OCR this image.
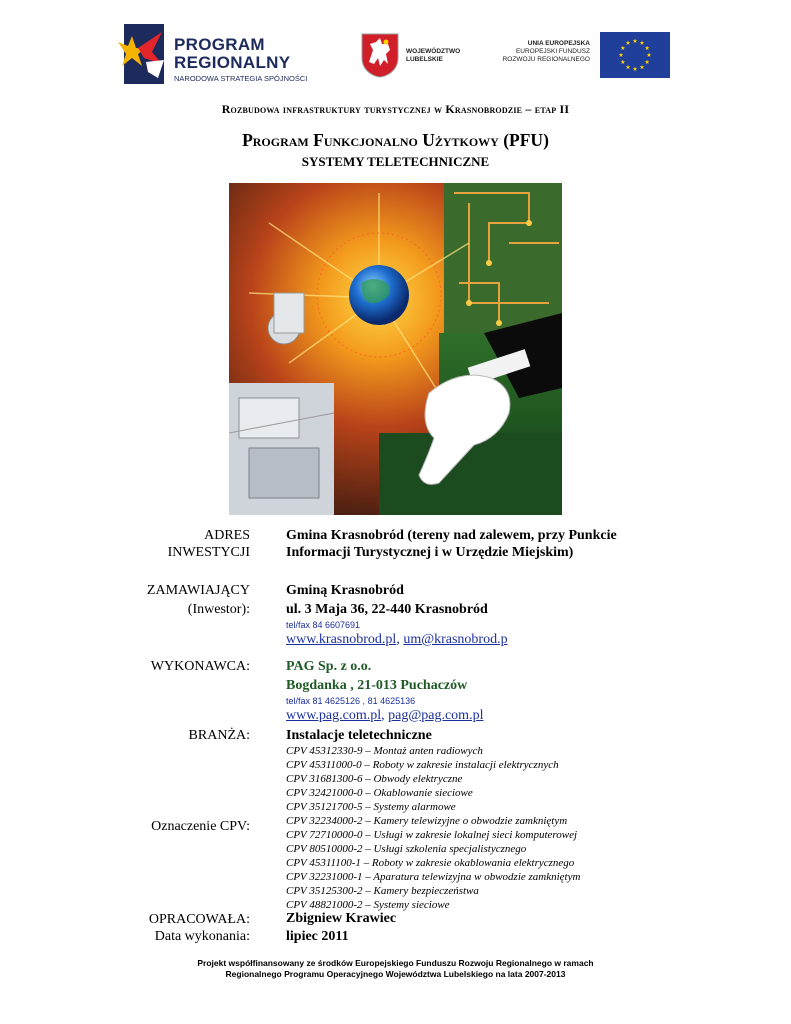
PROGRAM
REGIONALNY
NARODOWA STRATEGIA SPÓJNOŚCI
WOJEWÓDZTWO
LUBELSKIE
UNIA EUROPEJSKA
EUROPEJSKI FUNDUSZ
ROZWOJU REGIONALNEGO
Rozbudowa infrastruktury turystycznej w Krasnobrodzie – etap II
Program Funkcjonalno Użytkowy (PFU)
SYSTEMY TELETECHNICZNE
ADRES
INWESTYCJI
Gmina Krasnobród (tereny nad zalewem, przy Punkcie
Informacji Turystycznej i w Urzędzie Miejskim)
ZAMAWIAJĄCY
(Inwestor):
Gminą Krasnobród
ul. 3 Maja 36, 22-440 Krasnobród
tel/fax 84 6607691
www.krasnobrod.pl, um@krasnobrod.p
WYKONAWCA:	PAG Sp. z o.o.
Bogdanka , 21-013 Puchaczów
tel/fax 81 4625126 , 81 4625136
www.pag.com.pl, pag@pag.com.pl
BRANŻA:	Instalacje teletechniczne
Oznaczenie CPV:
CPV 45312330-9 – Montaż anten radiowych
CPV 45311000-0 – Roboty w zakresie instalacji elektrycznych
CPV 31681300-6 – Obwody elektryczne
CPV 32421000-0 – Okablowanie sieciowe
CPV 35121700-5 – Systemy alarmowe
CPV 32234000-2 – Kamery telewizyjne o obwodzie zamkniętym
CPV 72710000-0 – Usługi w zakresie lokalnej sieci komputerowej
CPV 80510000-2 – Usługi szkolenia specjalistycznego
CPV 45311100-1 – Roboty w zakresie okablowania elektrycznego
CPV 32231000-1 – Aparatura telewizyjna w obwodzie zamkniętym
CPV 35125300-2 – Kamery bezpieczeństwa
CPV 48821000-2 – Systemy sieciowe
OPRACOWAŁA:	Zbigniew Krawiec
Data wykonania:	lipiec 2011
Projekt współfinansowany ze środków Europejskiego Funduszu Rozwoju Regionalnego w ramach
Regionalnego Programu Operacyjnego Województwa Lubelskiego na lata 2007-2013
